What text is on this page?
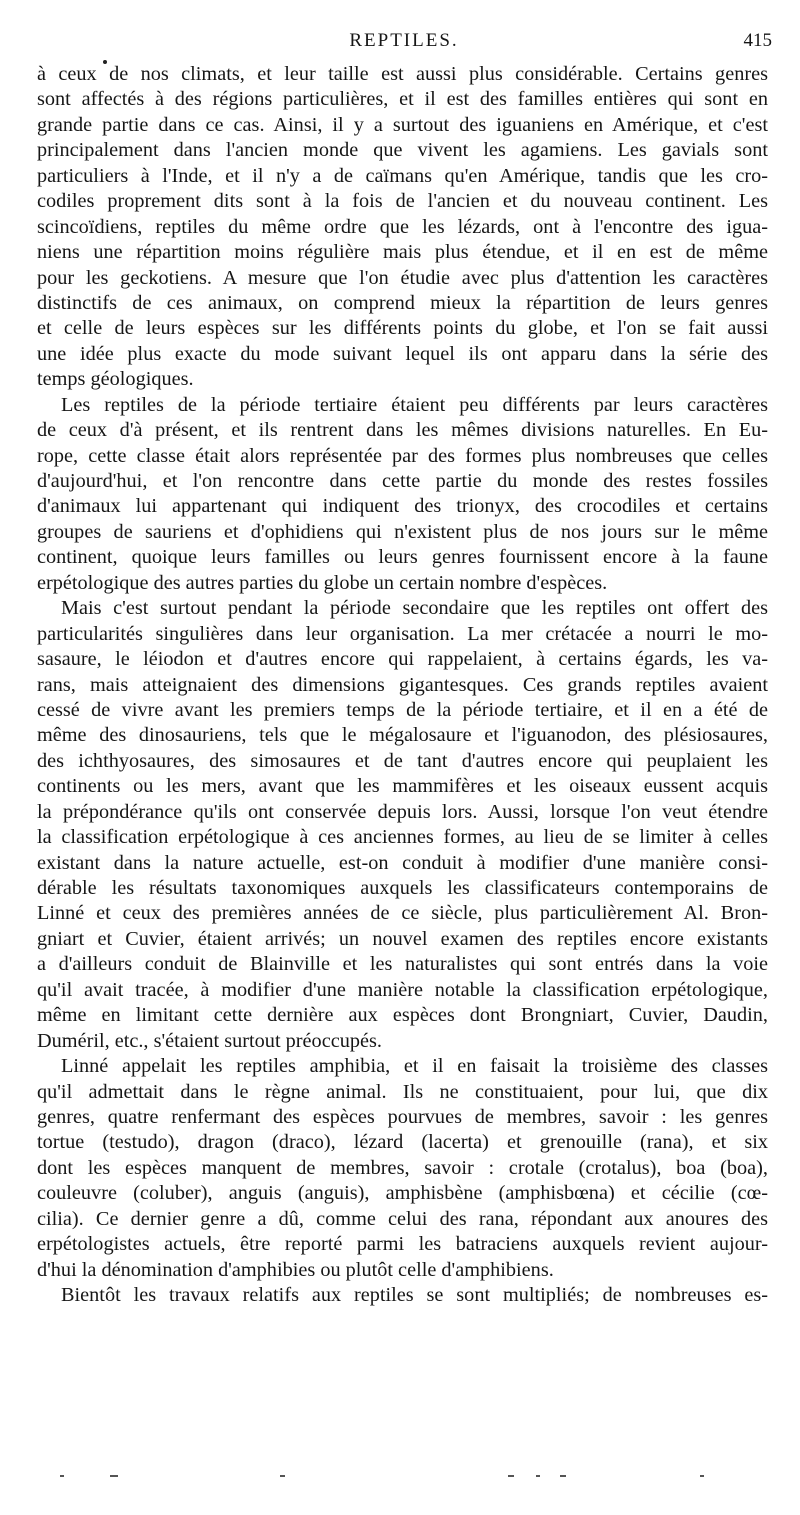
REPTILES.	415
à ceux de nos climats, et leur taille est aussi plus considérable. Certains genres
sont affectés à des régions particulières, et il est des familles entières qui sont en
grande partie dans ce cas. Ainsi, il y a surtout des iguaniens en Amérique, et c'est
principalement dans l'ancien monde que vivent les agamiens. Les gavials sont
particuliers à l'Inde, et il n'y a de caïmans qu'en Amérique, tandis que les cro-
codiles proprement dits sont à la fois de l'ancien et du nouveau continent. Les
scincoïdiens, reptiles du même ordre que les lézards, ont à l'encontre des igua-
niens une répartition moins régulière mais plus étendue, et il en est de même
pour les geckotiens. A mesure que l'on étudie avec plus d'attention les caractères
distinctifs de ces animaux, on comprend mieux la répartition de leurs genres
et celle de leurs espèces sur les différents points du globe, et l'on se fait aussi
une idée plus exacte du mode suivant lequel ils ont apparu dans la série des
temps géologiques.
Les reptiles de la période tertiaire étaient peu différents par leurs caractères
de ceux d'à présent, et ils rentrent dans les mêmes divisions naturelles. En Eu-
rope, cette classe était alors représentée par des formes plus nombreuses que celles
d'aujourd'hui, et l'on rencontre dans cette partie du monde des restes fossiles
d'animaux lui appartenant qui indiquent des trionyx, des crocodiles et certains
groupes de sauriens et d'ophidiens qui n'existent plus de nos jours sur le même
continent, quoique leurs familles ou leurs genres fournissent encore à la faune
erpétologique des autres parties du globe un certain nombre d'espèces.
Mais c'est surtout pendant la période secondaire que les reptiles ont offert des
particularités singulières dans leur organisation. La mer crétacée a nourri le mo-
sasaure, le léiodon et d'autres encore qui rappelaient, à certains égards, les va-
rans, mais atteignaient des dimensions gigantesques. Ces grands reptiles avaient
cessé de vivre avant les premiers temps de la période tertiaire, et il en a été de
même des dinosauriens, tels que le mégalosaure et l'iguanodon, des plésiosaures,
des ichthyosaures, des simosaures et de tant d'autres encore qui peuplaient les
continents ou les mers, avant que les mammifères et les oiseaux eussent acquis
la prépondérance qu'ils ont conservée depuis lors. Aussi, lorsque l'on veut étendre
la classification erpétologique à ces anciennes formes, au lieu de se limiter à celles
existant dans la nature actuelle, est-on conduit à modifier d'une manière consi-
dérable les résultats taxonomiques auxquels les classificateurs contemporains de
Linné et ceux des premières années de ce siècle, plus particulièrement Al. Bron-
gniart et Cuvier, étaient arrivés; un nouvel examen des reptiles encore existants
a d'ailleurs conduit de Blainville et les naturalistes qui sont entrés dans la voie
qu'il avait tracée, à modifier d'une manière notable la classification erpétologique,
même en limitant cette dernière aux espèces dont Brongniart, Cuvier, Daudin,
Duméril, etc., s'étaient surtout préoccupés.
Linné appelait les reptiles amphibia, et il en faisait la troisième des classes
qu'il admettait dans le règne animal. Ils ne constituaient, pour lui, que dix
genres, quatre renfermant des espèces pourvues de membres, savoir : les genres
tortue (testudo), dragon (draco), lézard (lacerta) et grenouille (rana), et six
dont les espèces manquent de membres, savoir : crotale (crotalus), boa (boa),
couleuvre (coluber), anguis (anguis), amphisbène (amphisbœna) et cécilie (cœ-
cilia). Ce dernier genre a dû, comme celui des rana, répondant aux anoures des
erpétologistes actuels, être reporté parmi les batraciens auxquels revient aujour-
d'hui la dénomination d'amphibies ou plutôt celle d'amphibiens.
Bientôt les travaux relatifs aux reptiles se sont multipliés; de nombreuses es-
